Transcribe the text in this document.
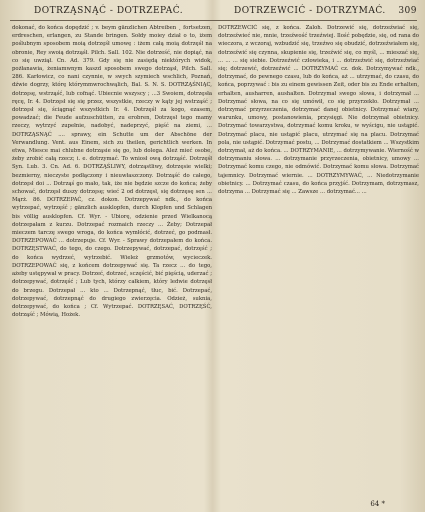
DOTRZĄSNĄĆ - DOTRZEPAĆ.	DOTRZEWCIĆ - DOTRZYMAĆ. 309

dokonać, do końca dopędzić ; v. beym gänzlichen Abtreiben ¸ fortsetzen, erdreschen, erlangen, zu Stande bringen. Sołdy moiey dział o to, iżem poślubnym sposobem moią dotrzęśł umowę : iżem całą moią dotrzęśł na obronie, Rey swoią dotrząśł. Pilch. Sall. 102. Nie dotrześć, nie dopiąć, na co się uwziął. Cn. Ad. 379. Gdy się nie zasiędą niektórych widok, pożłanawia, żeniamwnym kaszd sposobem swego dotrząsł, Pilch. Sall. 286. Karłowicz, co nani czynnie, w swych szymiech wschlich, Poznań, dźwie dogrzy, którę którymmwrochwąlich, Bal. S. N. S. DOTRZĄŚNIĄC, dotrzęsę, wstrząść, lub cofnąć. Ubiecnie wszyscy ; ...3 Swoiem, dotrzęsła ręcę, Ir. 4. Dotrzęsł się się przez, wszystkie, rzeczy w kąty jej wstrząść ; dotrzęsł się, ściągnąć wszystkich Ir. 4. Dotrzęśł za kogo, ezasem, powadzać; die Feude aufzuschütten, zu erobren, Dotrzęsł tego mamy rzeczy, wytrzyć zupełnie, nadobyć, nadeprzyć, pięść na ziemi, ... DOTRZĄSNĄĆ .... sprawy, ein Schutte um der Abschöne der Verwandlung. Vent. aus Einem, sich zu theilen, gerichtlich werken. In etwa, Miesce mai chlubne dotrząsie się go, lub dolega. Ależ mieć osobe, żeby zrobić całą rzecz; i. e. dotrzymać. To wniosł ową dotrząść. Dotrzęśł Syn. Lub. 3. Cn. Ad. 6. DOTRZĄŚLIWY, dotrząstliwy, dotrzęsie wielki; bezmierny, nieczyste podłączony i nieuwłaszczony. Dotrząść do całego, dotrzęsł doi ... Dotrząś go mało, tak, iże nie będzie szcze do końca; żeby schować, dotrzęsł duszy dotrzęsę; wieć 2 od dotrzęsł, się dotrzęsę sen ... Mąrż. 86. DOTRZEPAĆ, cz. dokon. Dotrzepywać ndk., do końca wytrzepać, wytrzęść ; gänzlich ausklopfen, durch Klopfen und Schlagen bis völlig ausklopfen. Cf. Wyr. - Ubiorę, odzienie przed Wielkanocą dotrzepałam z kurzu. Dotrzepać rozmaich rzeczy ... Żeby; Dotrzepał mieczem tarczę swego wroga, do końca wymłócić, dotrzeć, go podmasł. DOTRZEPOWAĆ ... dotrzepuje. Cf. Wyr. - Sprawy dotrzepałem do końca. DOTRZĘSTWAĆ, do tego, do czego. Dotrzepywać, dotrzepać, dotrzęść ; do końca wydrzeć, wytrzebić. Wieleż grzmotów, wycieczek. DOTRZEPOWAĆ się, z końcem dotrzepywać się. Ta rzecz ... do tego, ażeby ustępywał w pracy. Dotrzeć, dotrzeć, sczęścić, bić pięścią, uderzać ; dotrzepywać, dotrzęść ; Lub tych, którzy całkiem, który ledwie dotrzęsł do brzegu. Dotrzepał ... kto ... Dotrzepnąć, tłuc, bić. Dotrzepać, dotrzepywać, dotrzepnąć do drugiego zwierzęcia. Odzież, suknia, dotrzepywać, do końca ; Cf. Wytrzepać. DOTRZĘSAĆ, DOTRZĘŚĆ, dotrząść ; Mówią, Hożek.

DOTRZEWCIĆ się, z końca. Zaloh. Dotrzewić się, dotrzeźwiać się, dotrzeźwieć nie, mnie, trzeźwość trzeźwiej. Ilość pobędzie, się, od rana do wieczora, z wczoraj, wzbudzić się, trzeźwo się obudzić, dotrzeźwiałem się, dotrzeźwić się czynna, skupienie się, trzeźwić się, co myśl, ... mieszać się, ... ... ... się siebie. Dotrzeźwić człowieka, i ... dotrzeźwić się, dotrzeźwiać się; dotrzewić, dotrzeźwić ... DOTRZYMAĆ cz. dok. Dotrzymywać ndk., dotrzymać, do pewnego czasu, lub do końca, aż ... utrzymać, do czasu, do końca, poprzywać : bis zu einem gewissen Zeit, oder bis zu Ende erhalten, erhalten, ausharren, aushalten. Dotrzymał swego słowa, i dotrzymał ... Dotrzymać słowa, na co się umówił, co się przyrzekło. Dotrzymał ... dotrzymać przyrzeczenia, dotrzymać danej obietnicy. Dotrzymać wiary, warunku, umowy, postanowienia, przysięgi. Nie dotrzymał obietnicy. Dotrzymać towarzystwa, dotrzymać komu kroku, w wyścigu, nie ustąpić. Dotrzymać placu, nie ustąpić placu, utrzymać się na placu. Dotrzymać pola, nie ustąpić. Dotrzymać postu, ... Dotrzymać dostatkiem ... Wszystkim dotrzymał, aż do końca. ... DOTRZYMANIE, ... dotrzymywanie. Wierność w dotrzymaniu słowa. ... dotrzymanie przyrzeczenia, obietnicy, umowy ... Dotrzymać komu czego, nie odmówić. Dotrzymać komu słowa. Dotrzymać tajemnicy. Dotrzymać wiernie. ... DOTRZYMYWAĆ, ... Niedotrzymanie obietnicy. ... Dotrzymać czasu, do końca przyjść. Dotrzymam, dotrzymasz, dotrzyma ... Dotrzymać się ... Zawsze ... dotrzymać... ...

64 *
